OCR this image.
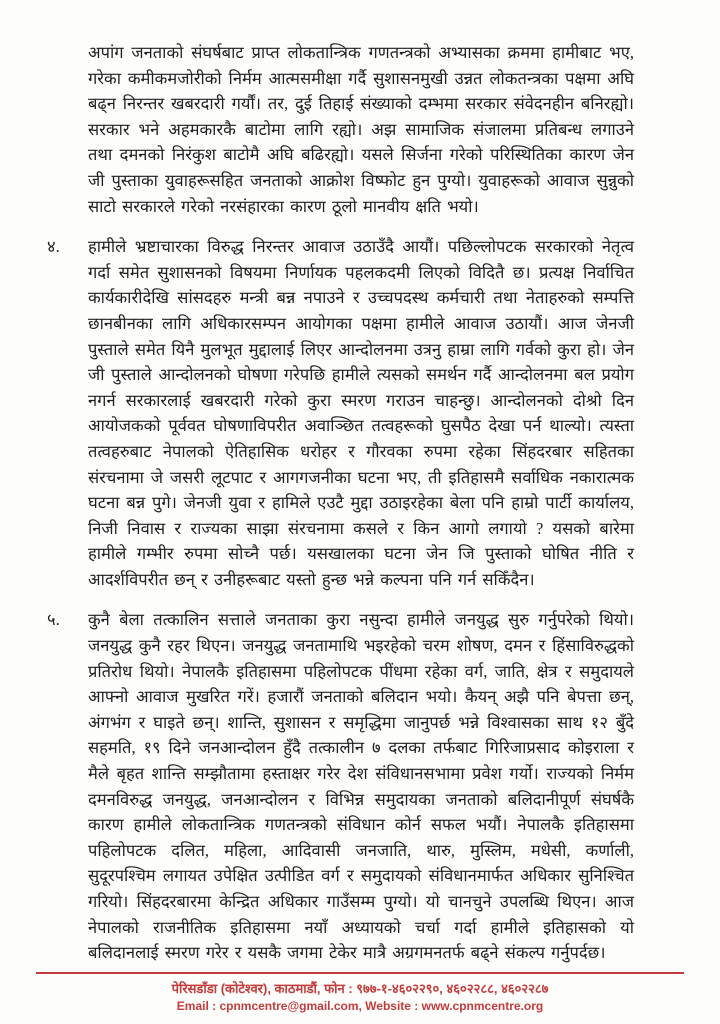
अपांग जनताको संघर्षबाट प्राप्त लोकतान्त्रिक गणतन्त्रको अभ्यासका क्रममा हामीबाट भए, गरेका कमीकमजोरीको निर्मम आत्मसमीक्षा गर्दै सुशासनमुखी उन्नत लोकतन्त्रका पक्षमा अघि बढ्न निरन्तर खबरदारी गर्यौं। तर, दुई तिहाई संख्याको दम्भमा सरकार संवेदनहीन बनिरह्यो। सरकार भने अहमकारकै बाटोमा लागि रह्यो। अझ सामाजिक संजालमा प्रतिबन्ध लगाउने तथा दमनको निरंकुश बाटोमै अघि बढिरह्यो। यसले सिर्जना गरेको परिस्थितिका कारण जेन जी पुस्ताका युवाहरूसहित जनताको आक्रोश विष्फोट हुन पुग्यो। युवाहरूको आवाज सुन्नुको साटो सरकारले गरेको नरसंहारका कारण ठूलो मानवीय क्षति भयो।
४.	हामीले भ्रष्टाचारका विरुद्ध निरन्तर आवाज उठाउँदै आयौं। पछिल्लोपटक सरकारको नेतृत्व गर्दा समेत सुशासनको विषयमा निर्णायक पहलकदमी लिएको विदितै छ। प्रत्यक्ष निर्वाचित कार्यकारीदेखि सांसदहरु मन्त्री बन्न नपाउने र उच्चपदस्थ कर्मचारी तथा नेताहरुको सम्पत्ति छानबीनका लागि अधिकारसम्पन आयोगका पक्षमा हामीले आवाज उठायौं। आज जेनजी पुस्ताले समेत यिनै मुलभूत मुद्दालाई लिएर आन्दोलनमा उत्रनु हाम्रा लागि गर्वको कुरा हो। जेन जी पुस्ताले आन्दोलनको घोषणा गरेपछि हामीले त्यसको समर्थन गर्दै आन्दोलनमा बल प्रयोग नगर्न सरकारलाई खबरदारी गरेको कुरा स्मरण गराउन चाहन्छु। आन्दोलनको दोश्रो दिन आयोजकको पूर्ववत घोषणाविपरीत अवाञ्छित तत्वहरूको घुसपैठ देखा पर्न थाल्यो। त्यस्ता तत्वहरुबाट नेपालको ऐतिहासिक धरोहर र गौरवका रुपमा रहेका सिंहदरबार सहितका संरचनामा जे जसरी लूटपाट र आगगजनीका घटना भए, ती इतिहासमै सर्वाधिक नकारात्मक घटना बन्न पुगे। जेनजी युवा र हामिले एउटै मुद्दा उठाइरहेका बेला पनि हाम्रो पार्टी कार्यालय, निजी निवास र राज्यका साझा संरचनामा कसले र किन आगो लगायो ? यसको बारेमा हामीले गम्भीर रुपमा सोच्नै पर्छ। यसखालका घटना जेन जि पुस्ताको घोषित नीति र आदर्शविपरीत छन् र उनीहरूबाट यस्तो हुन्छ भन्ने कल्पना पनि गर्न सकिँदैन।
५.	कुनै बेला तत्कालिन सत्ताले जनताका कुरा नसुन्दा हामीले जनयुद्ध सुरु गर्नुपरेको थियो। जनयुद्ध कुनै रहर थिएन। जनयुद्ध जनतामाथि भइरहेको चरम शोषण, दमन र हिंसाविरुद्धको प्रतिरोध थियो। नेपालकै इतिहासमा पहिलोपटक पींधमा रहेका वर्ग, जाति, क्षेत्र र समुदायले आफ्नो आवाज मुखरित गरें। हजारौं जनताको बलिदान भयो। कैयन् अझै पनि बेपत्ता छन्, अंगभंग र घाइते छन्। शान्ति, सुशासन र समृद्धिमा जानुपर्छ भन्ने विश्वासका साथ १२ बुँदे सहमति, १९ दिने जनआन्दोलन हुँदै तत्कालीन ७ दलका तर्फबाट गिरिजाप्रसाद कोइराला र मैले बृहत शान्ति सम्झौतामा हस्ताक्षर गरेर देश संविधानसभामा प्रवेश गर्यो। राज्यको निर्मम दमनविरुद्ध जनयुद्ध, जनआन्दोलन र विभिन्न समुदायका जनताको बलिदानीपूर्ण संघर्षकै कारण हामीले लोकतान्त्रिक गणतन्त्रको संविधान कोर्न सफल भयौं। नेपालकै इतिहासमा पहिलोपटक दलित, महिला, आदिवासी जनजाति, थारु, मुस्लिम, मधेसी, कर्णाली, सुदूरपश्चिम लगायत उपेक्षित उत्पीडित वर्ग र समुदायको संविधानमार्फत अधिकार सुनिश्चित गरियो। सिंहदरबारमा केन्द्रित अधिकार गाउँसम्म पुग्यो। यो चानचुने उपलब्धि थिएन। आज नेपालको राजनीतिक इतिहासमा नयाँ अध्यायको चर्चा गर्दा हामीले इतिहासको यो बलिदानलाई स्मरण गरेर र यसकै जगमा टेकेर मात्रै अग्रगमनतर्फ बढ्ने संकल्प गर्नुपर्दछ।
पेरिसडाँडा (कोटेश्वर), काठमाडौं, फोन : ९७७-१-४६०२२९०, ४६०२२८८, ४६०२२८७
Email : cpnmcentre@gmail.com, Website : www.cpnmcentre.org
